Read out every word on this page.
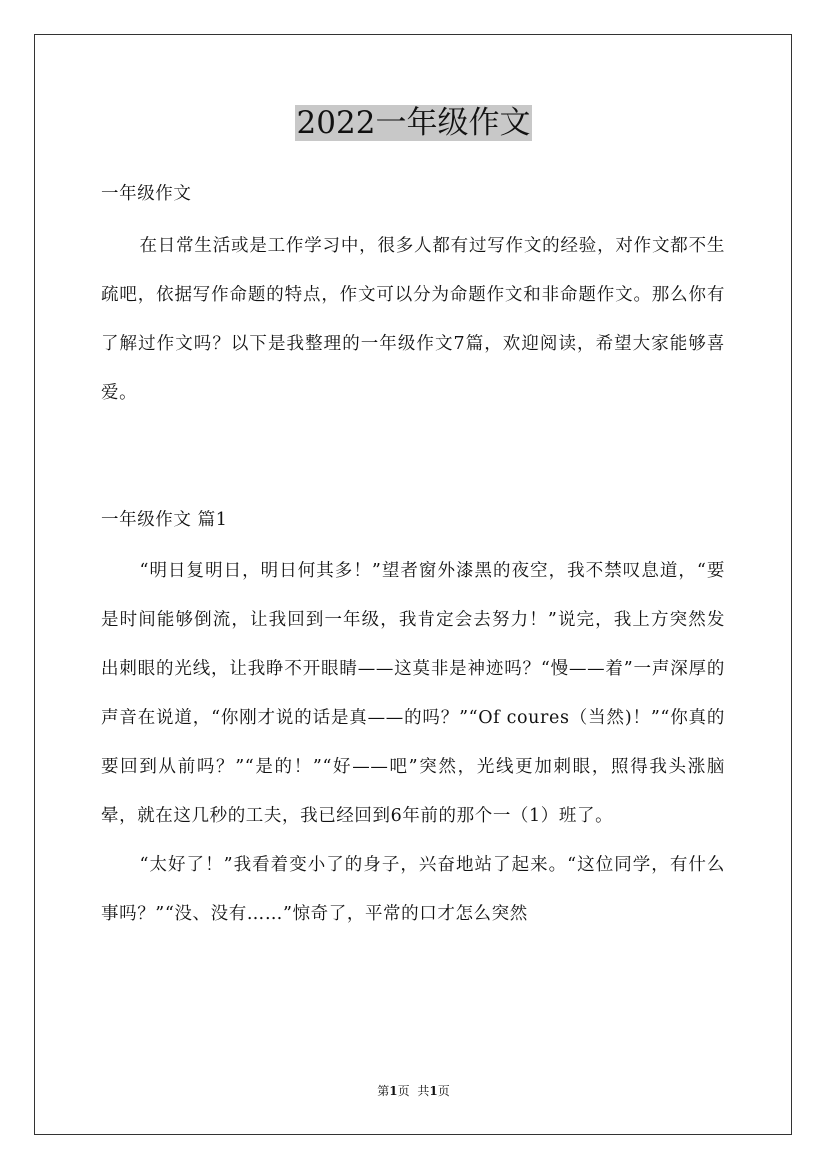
2022一年级作文
一年级作文

在日常生活或是工作学习中，很多人都有过写作文的经验，对作文都不生疏吧，依据写作命题的特点，作文可以分为命题作文和非命题作文。那么你有了解过作文吗？以下是我整理的一年级作文7篇，欢迎阅读，希望大家能够喜爱。

一年级作文 篇1

“明日复明日，明日何其多！”望者窗外漆黑的夜空，我不禁叹息道，“要是时间能够倒流，让我回到一年级，我肯定会去努力！”说完，我上方突然发出刺眼的光线，让我睁不开眼睛——这莫非是神迹吗？“慢——着”一声深厚的声音在说道，“你刚才说的话是真——的吗？”“Of coures（当然)！”“你真的要回到从前吗？”“是的！”“好——吧”突然，光线更加刺眼，照得我头涨脑晕，就在这几秒的工夫，我已经回到6年前的那个一（1）班了。

“太好了！”我看着变小了的身子，兴奋地站了起来。“这位同学，有什么事吗？”“没、没有……”惊奇了，平常的口才怎么突然

第1页 共1页
